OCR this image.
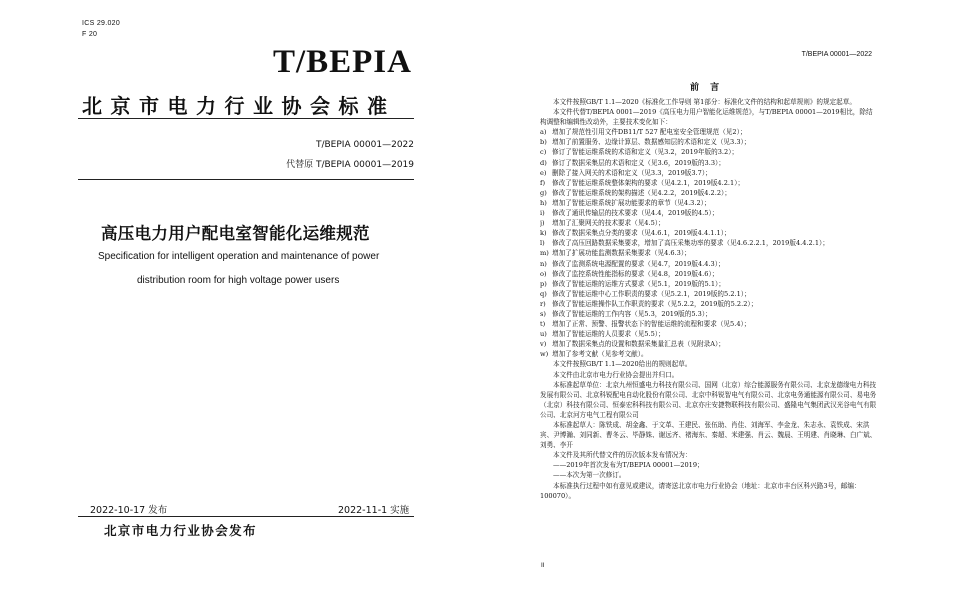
ICS 29.020
F 20
T/BEPIA
北京市电力行业协会标准
T/BEPIA 00001—2022
代替原 T/BEPIA 00001—2019
高压电力用户配电室智能化运维规范
Specification for intelligent operation and maintenance of power
distribution room for high voltage power users
2022-10-17 发布	2022-11-1 实施
北京市电力行业协会发布
T/BEPIA 00001—2022
前 言

本文件按照GB/T 1.1—2020《标准化工作导则 第1部分：标准化文件的结构和起草规则》的规定起草。

本文件代替T/BEPIA 0001—2019《高压电力用户智能化运维规范》，与T/BEPIA 00001—2019相比，除结构调整和编辑性改动外，主要技术变化如下：

a) 增加了规范性引用文件DB11/T 527 配电室安全管理规范（见2）；
b) 增加了前置服务、边缘计算层、数据感知层的术语和定义（见3.3）；
c) 修订了智能运维系统的术语和定义（见3.2，2019年版的3.2）；
d) 修订了数据采集层的术语和定义（见3.6，2019版的3.3）；
e) 删除了接入网关的术语和定义（见3.3，2019版3.7）；
f)	修改了智能运维系统整体架构的要求（见4.2.1，2019版4.2.1）；
g) 修改了智能运维系统的架构描述（见4.2.2，2019版4.2.2）；
h) 增加了智能运维系统扩展功能要求的章节（见4.3.2）；
i)	修改了通讯传输层的技术要求（见4.4，2019版的4.5）；
j)	增加了汇聚网关的技术要求（见4.5）；
k) 修改了数据采集点分类的要求（见4.6.1，2019版4.4.1.1）；
l)	修改了高压回路数据采集要求，增加了高压采集功率的要求（见4.6.2.2.1，2019版4.4.2.1）；
m) 增加了扩展功能监测数据采集要求（见4.6.3）；
n) 修改了监测系统电源配置的要求（见4.7，2019版4.4.3）；
o) 修改了监控系统性能指标的要求（见4.8，2019版4.6）；
p) 修改了智能运维的运维方式要求（见5.1，2019版的5.1）；
q) 修改了智能运维中心工作职责的要求（见5.2.1，2019版的5.2.1）；
r) 修改了智能运维操作队工作职责的要求（见5.2.2，2019版的5.2.2）；
s) 修改了智能运维的工作内容（见5.3，2019版的5.3）；
t)	增加了正常、预警、报警状态下的智能运维的流程和要求（见5.4）；
u) 增加了智能运维的人员要求（见5.5）；
v) 增加了数据采集点的设置和数据采集量汇总表（见附录A）；
w) 增加了参考文献（见参考文献）。

本文件按照GB/T 1.1—2020给出的规则起草。

本文件由北京市电力行业协会提出并归口。

本标准起草单位：北京九州恒盛电力科技有限公司、国网（北京）综合能源服务有限公司、北京龙德缘电力科技发展有限公司、北京科锐配电自动化股份有限公司、北京中科锐智电气有限公司、北京电务通能源有限公司、易电务（北京）科技有限公司、恒泰宏科科技有限公司、北京亦庄安捷物联科技有限公司、盛隆电气集团武汉光谷电气有限公司、北京河方电气工程有限公司

本标准起草人：陈铁成、胡金鑫、于文革、王建民、张伍助、肖佳、刘海军、李金龙、朱志永、袁铁成、宋洪宾、尹博瀚、刘同新、曹冬云、毕静姝、谢远齐、褚海东、秦超、米建强、肖云、魏晨、王明建、肖晓琳、白广斌、刘勇、李开

本文件及其所代替文件的历次版本发布情况为：

——2019年首次发布为T/BEPIA 00001—2019；

——本次为第一次修订。

本标准执行过程中如有意见或建议，请寄送北京市电力行业协会（地址：北京市丰台区科兴路3号，邮编：100070）。

II
